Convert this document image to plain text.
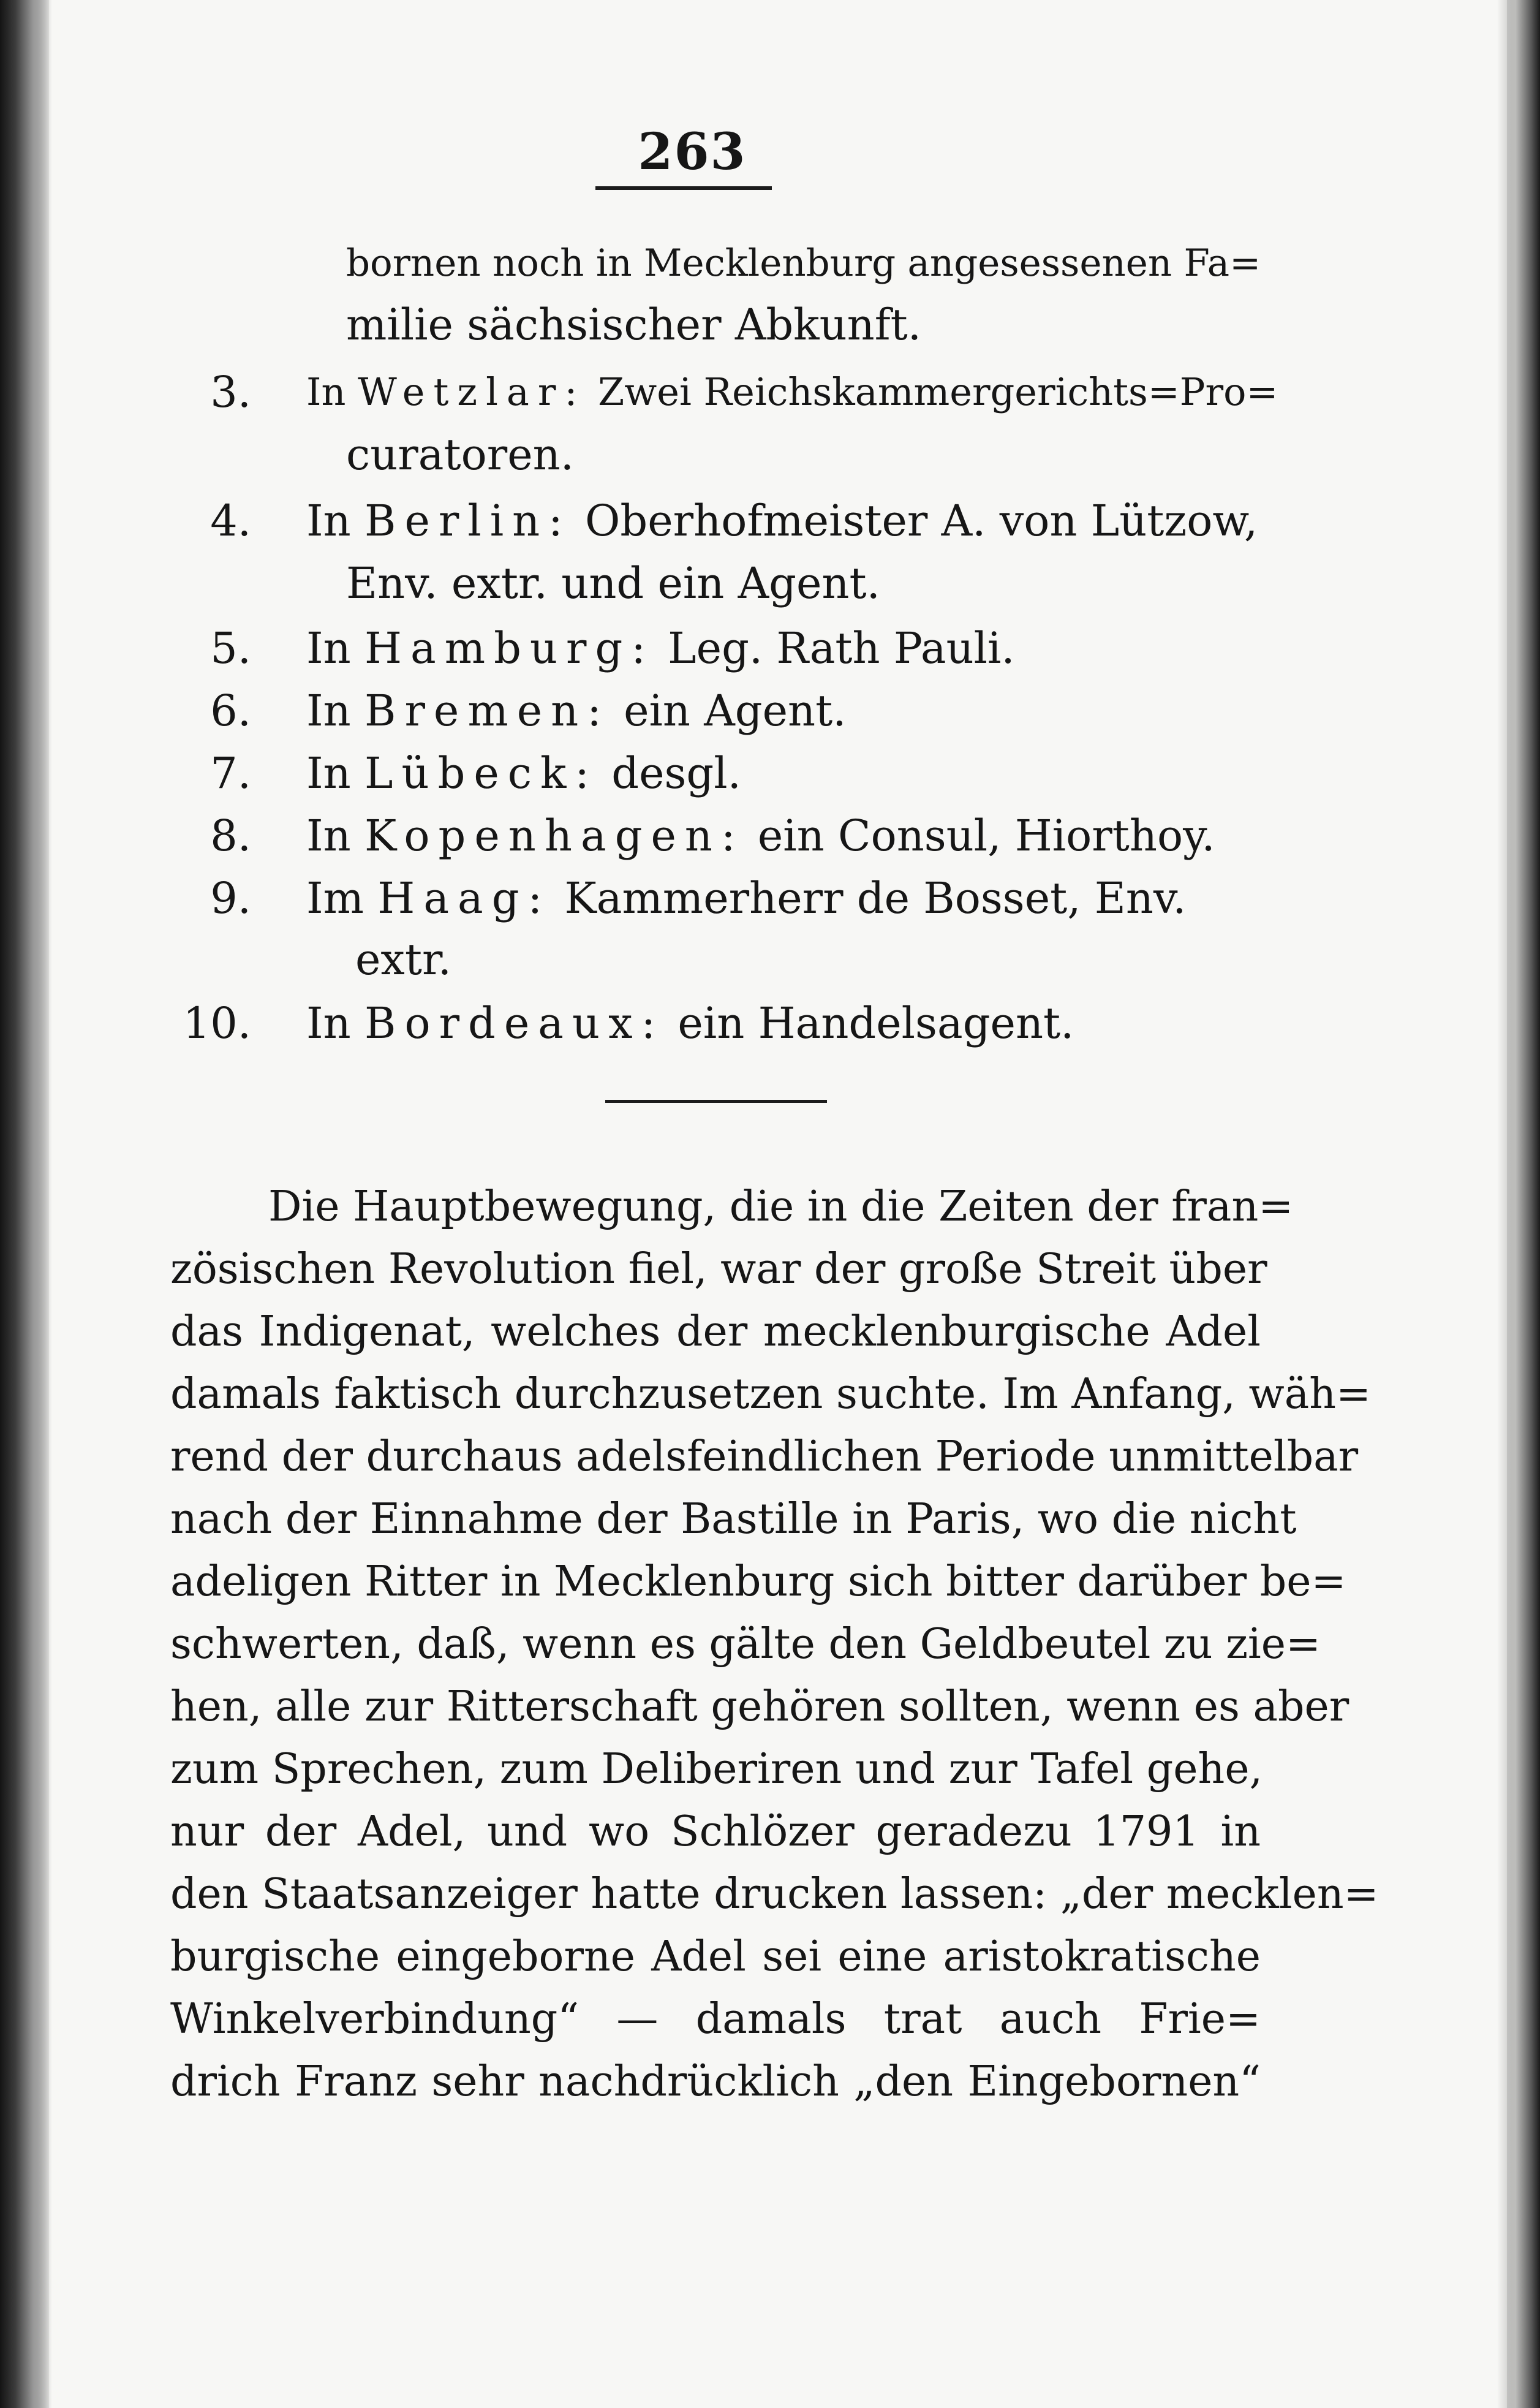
263
bornen noch in Mecklenburg angesessenen Fa=
milie sächsischer Abkunft.
3. In Wetzlar: Zwei Reichskammergerichts=Pro=
curatoren.
4. In Berlin: Oberhofmeister A. von Lützow,
Env. extr. und ein Agent.
5. In Hamburg: Leg. Rath Pauli.
6. In Bremen: ein Agent.
7. In Lübeck: desgl.
8. In Kopenhagen: ein Consul, Hiorthoy.
9. Im Haag: Kammerherr de Bosset, Env.
extr.
10. In Bordeaux: ein Handelsagent.
Die Hauptbewegung, die in die Zeiten der fran=
zösischen Revolution fiel, war der große Streit über
das Indigenat, welches der mecklenburgische Adel
damals faktisch durchzusetzen suchte. Im Anfang, wäh=
rend der durchaus adelsfeindlichen Periode unmittelbar
nach der Einnahme der Bastille in Paris, wo die nicht
adeligen Ritter in Mecklenburg sich bitter darüber be=
schwerten, daß, wenn es gälte den Geldbeutel zu zie=
hen, alle zur Ritterschaft gehören sollten, wenn es aber
zum Sprechen, zum Deliberiren und zur Tafel gehe,
nur der Adel, und wo Schlözer geradezu 1791 in
den Staatsanzeiger hatte drucken lassen: „der mecklen=
burgische eingeborne Adel sei eine aristokratische
Winkelverbindung“ — damals trat auch Frie=
drich Franz sehr nachdrücklich „den Eingebornen“
